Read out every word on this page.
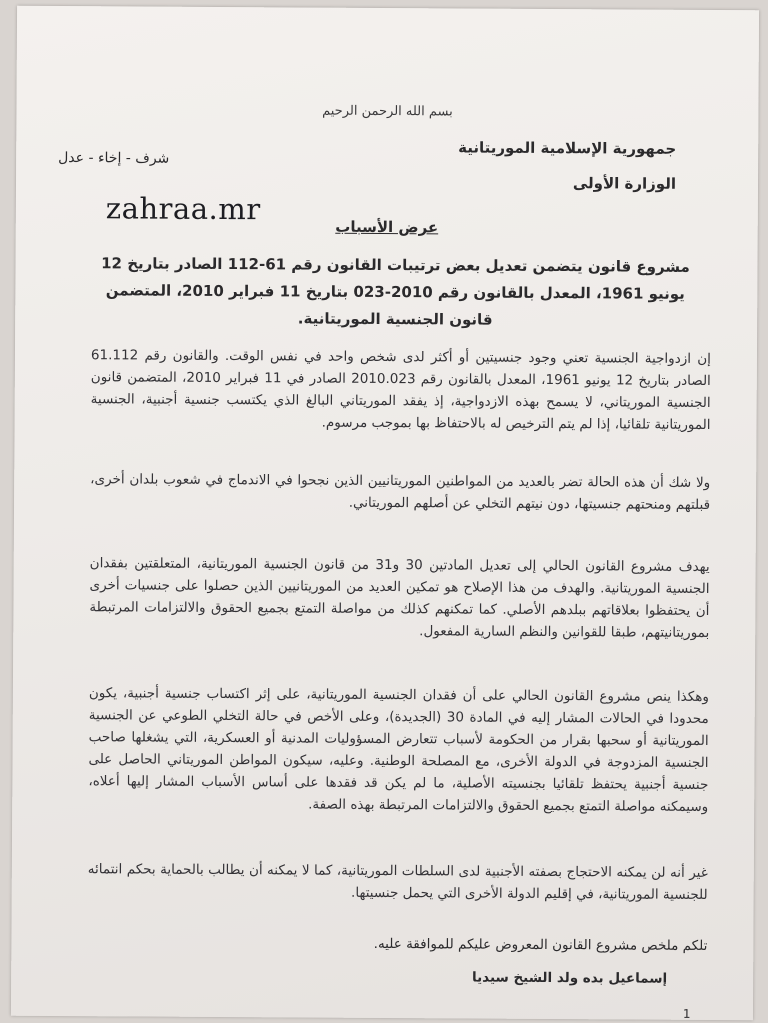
بسم الله الرحمن الرحيم
جمهورية الإسلامية الموريتانية
الوزارة الأولى
شرف - إخاء - عدل
zahraa.mr
عرض الأسباب
مشروع قانون يتضمن تعديل بعض ترتيبات القانون رقم 61-112 الصادر بتاريخ 12 يونيو 1961، المعدل بالقانون رقم 2010-023 بتاريخ 11 فبراير 2010، المتضمن قانون الجنسية الموريتانية.
إن ازدواجية الجنسية تعني وجود جنسيتين أو أكثر لدى شخص واحد في نفس الوقت. والقانون رقم 61.112 الصادر بتاريخ 12 يونيو 1961، المعدل بالقانون رقم 2010.023 الصادر في 11 فبراير 2010، المتضمن قانون الجنسية الموريتاني، لا يسمح بهذه الازدواجية، إذ يفقد الموريتاني البالغ الذي يكتسب جنسية أجنبية، الجنسية الموريتانية تلقائيا، إذا لم يتم الترخيص له بالاحتفاظ بها بموجب مرسوم.
ولا شك أن هذه الحالة تضر بالعديد من المواطنين الموريتانيين الذين نجحوا في الاندماج في شعوب بلدان أخرى، قبلتهم ومنحتهم جنسيتها، دون نيتهم التخلي عن أصلهم الموريتاني.
يهدف مشروع القانون الحالي إلى تعديل المادتين 30 و31 من قانون الجنسية الموريتانية، المتعلقتين بفقدان الجنسية الموريتانية. والهدف من هذا الإصلاح هو تمكين العديد من الموريتانيين الذين حصلوا على جنسيات أخرى أن يحتفظوا بعلاقاتهم ببلدهم الأصلي. كما تمكنهم كذلك من مواصلة التمتع بجميع الحقوق والالتزامات المرتبطة بموريتانيتهم، طبقا للقوانين والنظم السارية المفعول.
وهكذا ينص مشروع القانون الحالي على أن فقدان الجنسية الموريتانية، على إثر اكتساب جنسية أجنبية، يكون محدودا في الحالات المشار إليه في المادة 30 (الجديدة)، وعلى الأخص في حالة التخلي الطوعي عن الجنسية الموريتانية أو سحبها بقرار من الحكومة لأسباب تتعارض المسؤوليات المدنية أو العسكرية، التي يشغلها صاحب الجنسية المزدوجة في الدولة الأخرى، مع المصلحة الوطنية. وعليه، سيكون المواطن الموريتاني الحاصل على جنسية أجنبية يحتفظ تلقائيا بجنسيته الأصلية، ما لم يكن قد فقدها على أساس الأسباب المشار إليها أعلاه، وسيمكنه مواصلة التمتع بجميع الحقوق والالتزامات المرتبطة بهذه الصفة.
غير أنه لن يمكنه الاحتجاج بصفته الأجنبية لدى السلطات الموريتانية، كما لا يمكنه أن يطالب بالحماية بحكم انتمائه للجنسية الموريتانية، في إقليم الدولة الأخرى التي يحمل جنسيتها.
تلكم ملخص مشروع القانون المعروض عليكم للموافقة عليه.
إسماعيل بده ولد الشيخ سيديا
1
